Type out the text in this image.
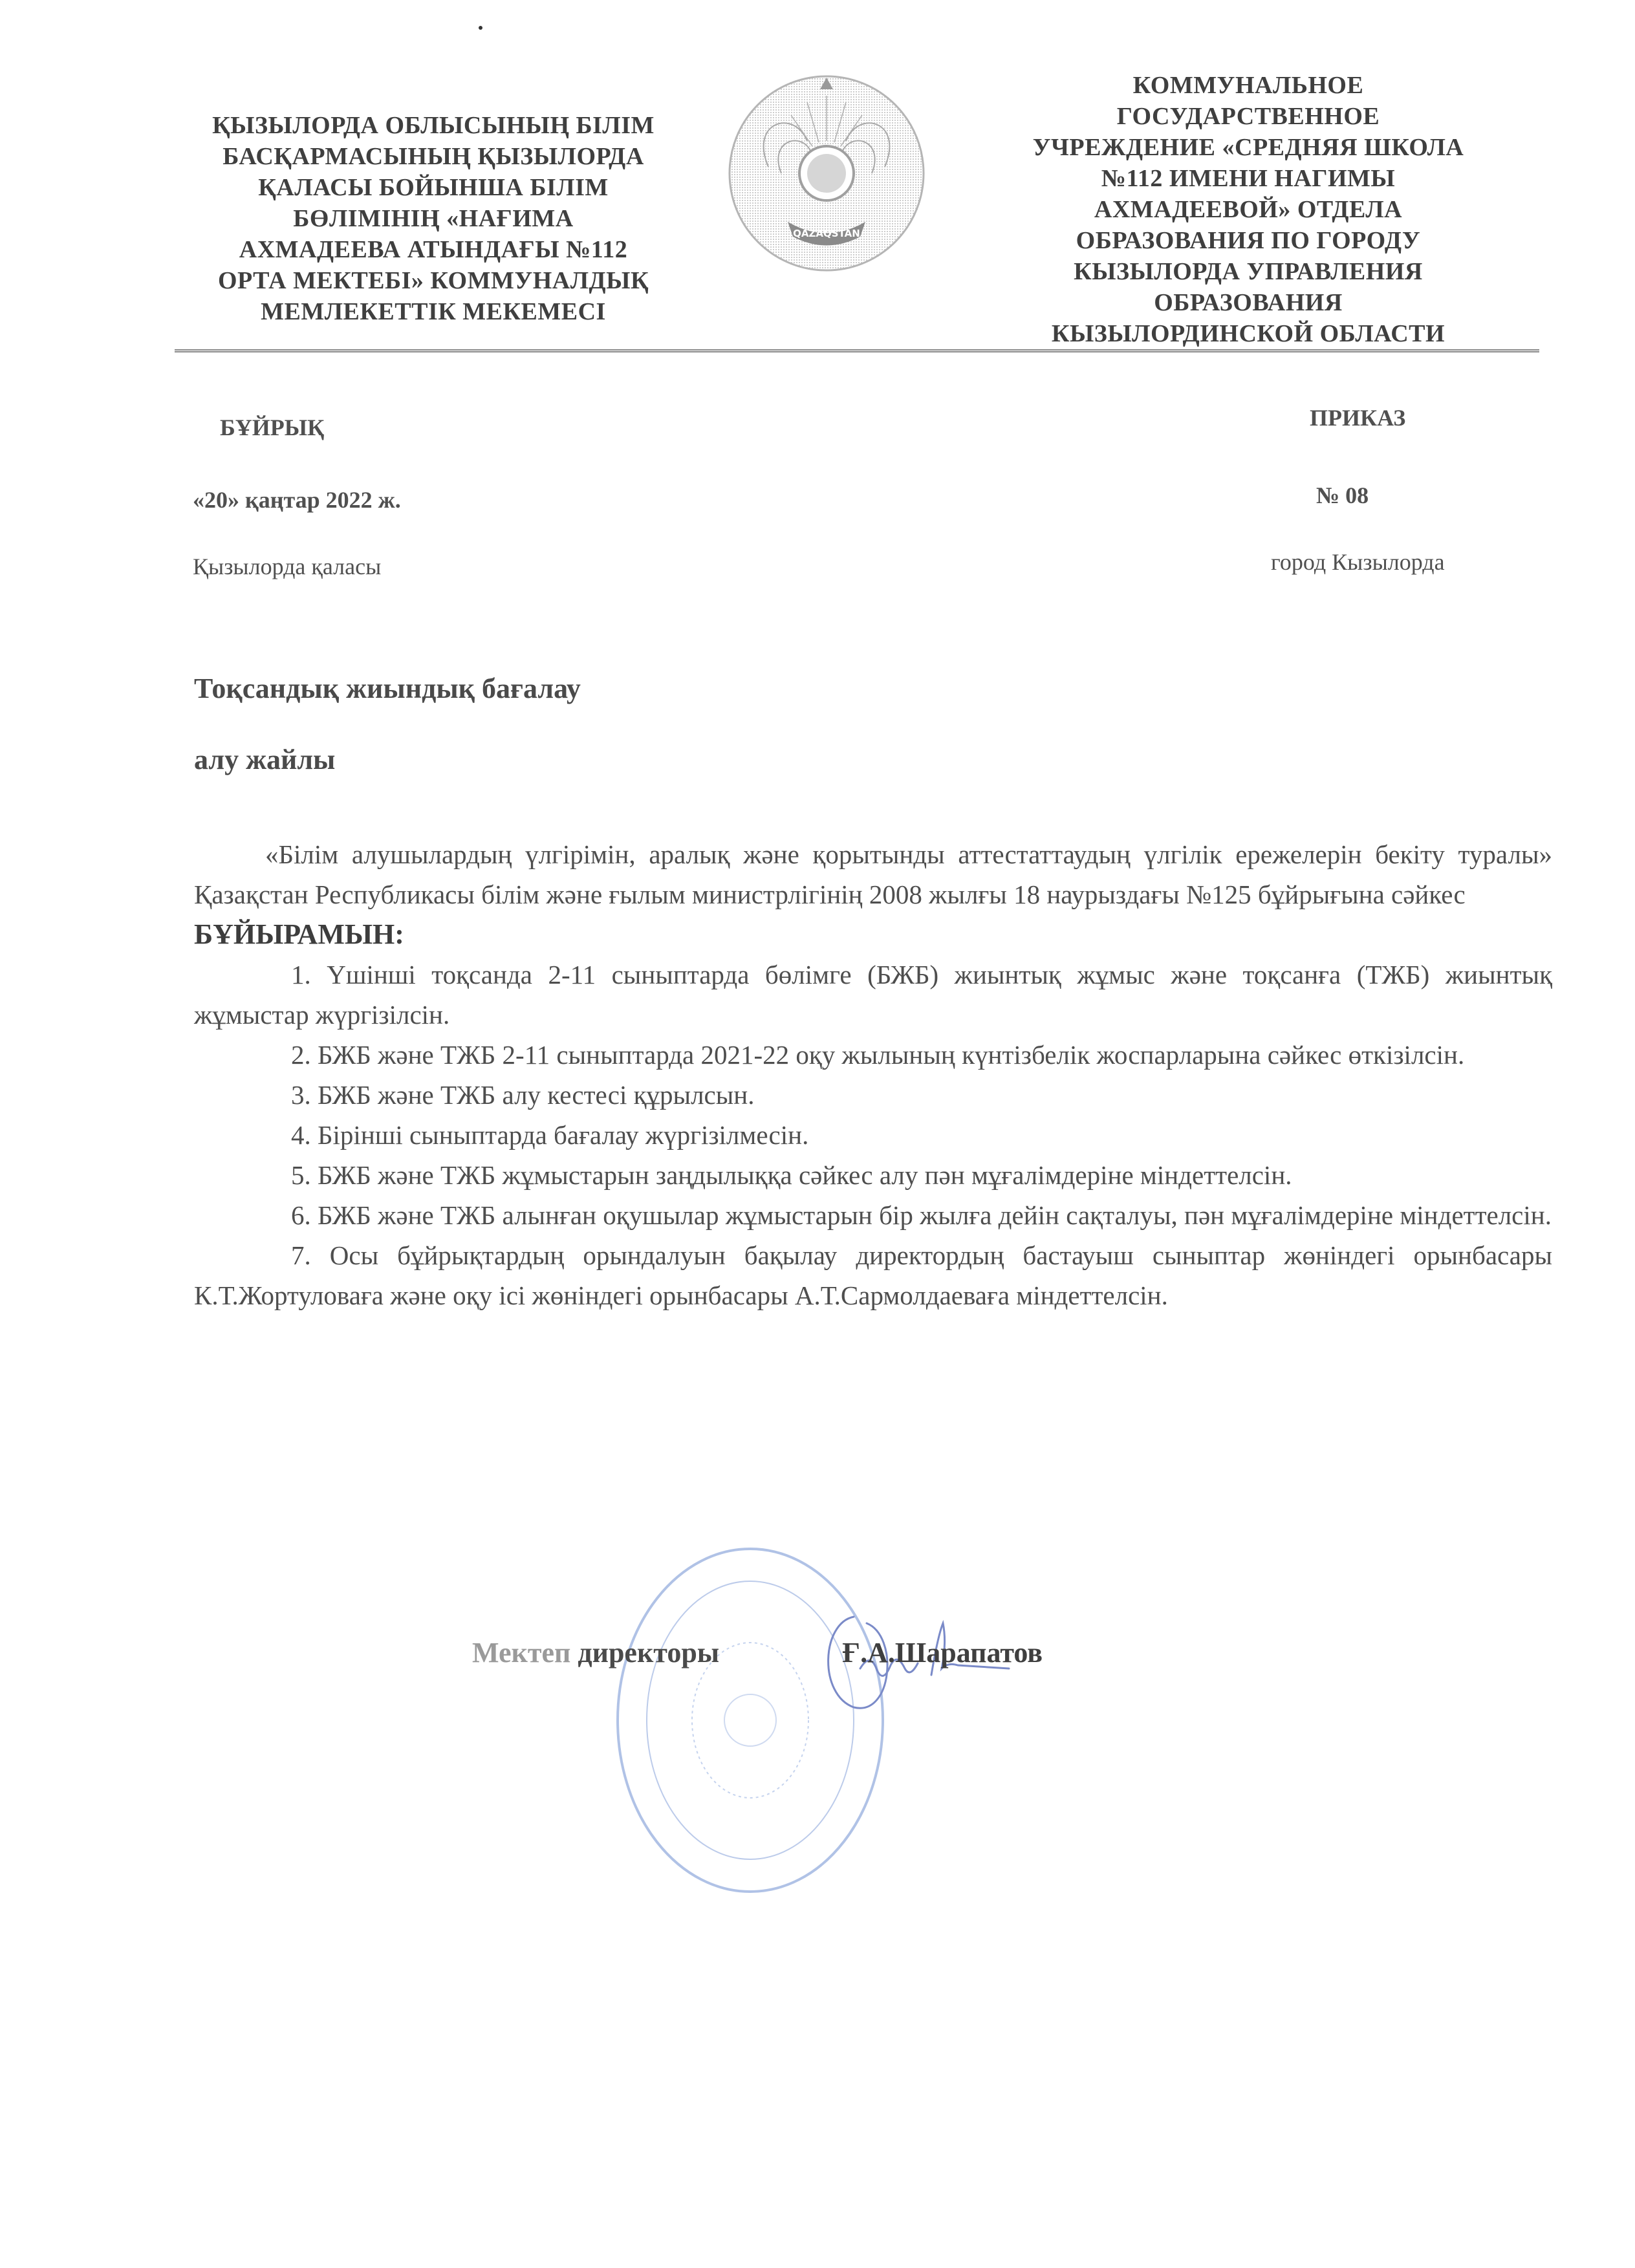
ҚЫЗЫЛОРДА ОБЛЫСЫНЫҢ БІЛІМ
БАСҚАРМАСЫНЫҢ ҚЫЗЫЛОРДА
ҚАЛАСЫ БОЙЫНША БІЛІМ
БӨЛІМІНІҢ «НАҒИМА
АХМАДЕЕВА АТЫНДАҒЫ №112
ОРТА МЕКТЕБІ» КОММУНАЛДЫҚ
МЕМЛЕКЕТТІК МЕКЕМЕСІ
QAZAQSTAN
КОММУНАЛЬНОЕ
ГОСУДАРСТВЕННОЕ
УЧРЕЖДЕНИЕ «СРЕДНЯЯ ШКОЛА
№112 ИМЕНИ НАГИМЫ
АХМАДЕЕВОЙ» ОТДЕЛА
ОБРАЗОВАНИЯ ПО ГОРОДУ
КЫЗЫЛОРДА УПРАВЛЕНИЯ
ОБРАЗОВАНИЯ
КЫЗЫЛОРДИНСКОЙ ОБЛАСТИ
БҰЙРЫҚ	ПРИКАЗ
«20» қаңтар 2022 ж.	№ 08
Қызылорда қаласы	город Кызылорда
Тоқсандық жиындық бағалау
алу жайлы

«Білім алушылардың үлгірімін, аралық және қорытынды аттестаттаудың үлгілік ережелерін бекіту туралы» Қазақстан Республикасы білім және ғылым министрлігінің 2008 жылғы 18 наурыздағы №125 бұйрығына сәйкес

БҰЙЫРАМЫН:

1. Үшінші тоқсанда 2-11 сыныптарда бөлімге (БЖБ) жиынтық жұмыс және тоқсанға (ТЖБ) жиынтық жұмыстар жүргізілсін.

2. БЖБ және ТЖБ 2-11 сыныптарда 2021-22 оқу жылының күнтізбелік жоспарларына сәйкес өткізілсін.

3. БЖБ және ТЖБ алу кестесі құрылсын.

4. Бірінші сыныптарда бағалау жүргізілмесін.

5. БЖБ және ТЖБ жұмыстарын заңдылыққа сәйкес алу пән мұғалімдеріне міндеттелсін.

6. БЖБ және ТЖБ алынған оқушылар жұмыстарын бір жылға дейін сақталуы, пән мұғалімдеріне міндеттелсін.

7. Осы бұйрықтардың орындалуын бақылау директордың бастауыш сыныптар жөніндегі орынбасары К.Т.Жортуловаға және оқу ісі жөніндегі орынбасары А.Т.Сармолдаеваға міндеттелсін.

Мектеп директоры	Ғ.А.Шарапатов
